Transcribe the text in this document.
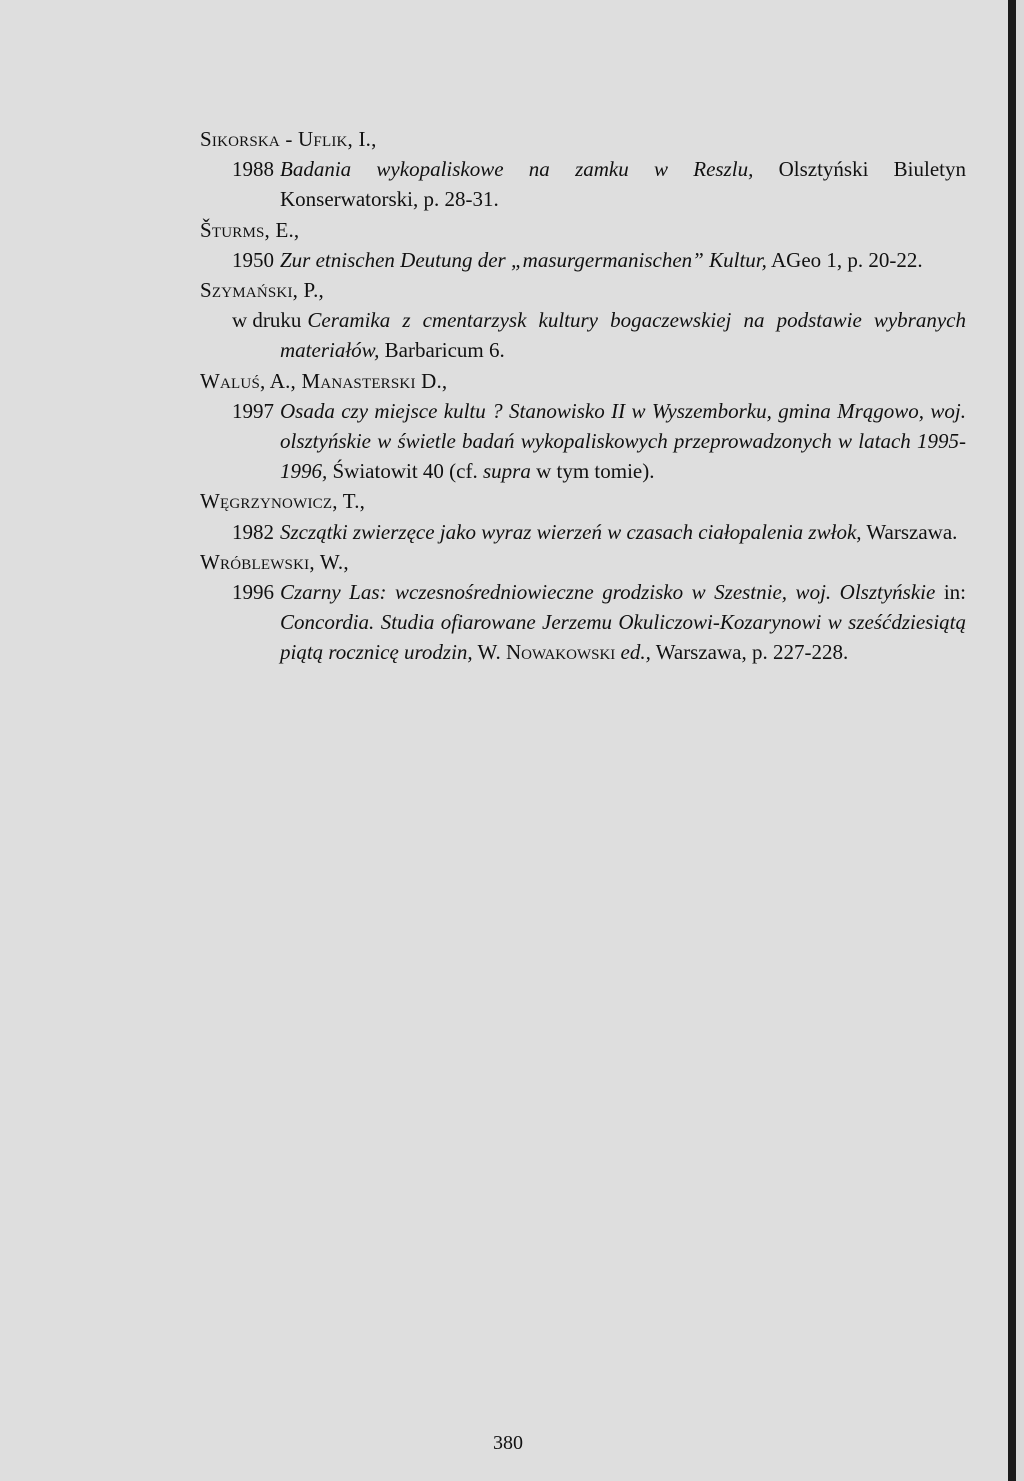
Sikorska - Uflik, I.,
1988 Badania wykopaliskowe na zamku w Reszlu, Olsztyński Biuletyn Konserwatorski, p. 28-31.
Šturms, E.,
1950 Zur etnischen Deutung der „masurgermanischen” Kultur, AGeo 1, p. 20-22.
Szymański, P.,
w druku Ceramika z cmentarzysk kultury bogaczewskiej na podstawie wybranych materiałów, Barbaricum 6.
Waluś, A., Manasterski D.,
1997 Osada czy miejsce kultu ? Stanowisko II w Wyszemborku, gmina Mrągowo, woj. olsztyńskie w świetle badań wykopaliskowych przeprowadzonych w latach 1995-1996, Światowit 40 (cf. supra w tym tomie).
Węgrzynowicz, T.,
1982 Szczątki zwierzęce jako wyraz wierzeń w czasach ciałopalenia zwłok, Warszawa.
Wróblewski, W.,
1996 Czarny Las: wczesnośredniowieczne grodzisko w Szestnie, woj. Olsztyńskie in: Concordia. Studia ofiarowane Jerzemu Okuliczowi-Kozarynowi w sześćdziesiątą piątą rocznicę urodzin, W. Nowakowski ed., Warszawa, p. 227-228.
380
